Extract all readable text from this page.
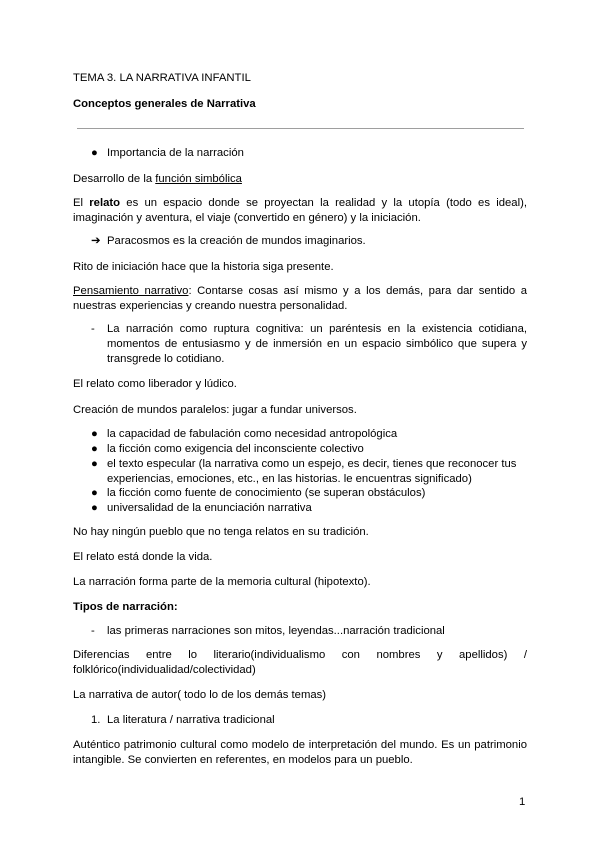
TEMA 3. LA NARRATIVA INFANTIL
Conceptos generales de Narrativa
● Importancia de la narración
Desarrollo de la función simbólica
El relato es un espacio donde se proyectan la realidad y la utopía (todo es ideal), imaginación y aventura, el viaje (convertido en género) y la iniciación.
➔ Paracosmos es la creación de mundos imaginarios.
Rito de iniciación hace que la historia siga presente.
Pensamiento narrativo: Contarse cosas así mismo y a los demás, para dar sentido a nuestras experiencias y creando nuestra personalidad.
- La narración como ruptura cognitiva: un paréntesis en la existencia cotidiana, momentos de entusiasmo y de inmersión en un espacio simbólico que supera y transgrede lo cotidiano.
El relato como liberador y lúdico.
Creación de mundos paralelos: jugar a fundar universos.
● la capacidad de fabulación como necesidad antropológica
● la ficción como exigencia del inconsciente colectivo
● el texto especular (la narrativa como un espejo, es decir, tienes que reconocer tus experiencias, emociones, etc., en las historias. le encuentras significado)
● la ficción como fuente de conocimiento (se superan obstáculos)
● universalidad de la enunciación narrativa
No hay ningún pueblo que no tenga relatos en su tradición.
El relato está donde la vida.
La narración forma parte de la memoria cultural (hipotexto).
Tipos de narración:
- las primeras narraciones son mitos, leyendas...narración tradicional
Diferencias entre lo literario(individualismo con nombres y apellidos) / folklórico(individualidad/colectividad)
La narrativa de autor( todo lo de los demás temas)
1. La literatura / narrativa tradicional
Auténtico patrimonio cultural como modelo de interpretación del mundo. Es un patrimonio intangible. Se convierten en referentes, en modelos para un pueblo.
1
